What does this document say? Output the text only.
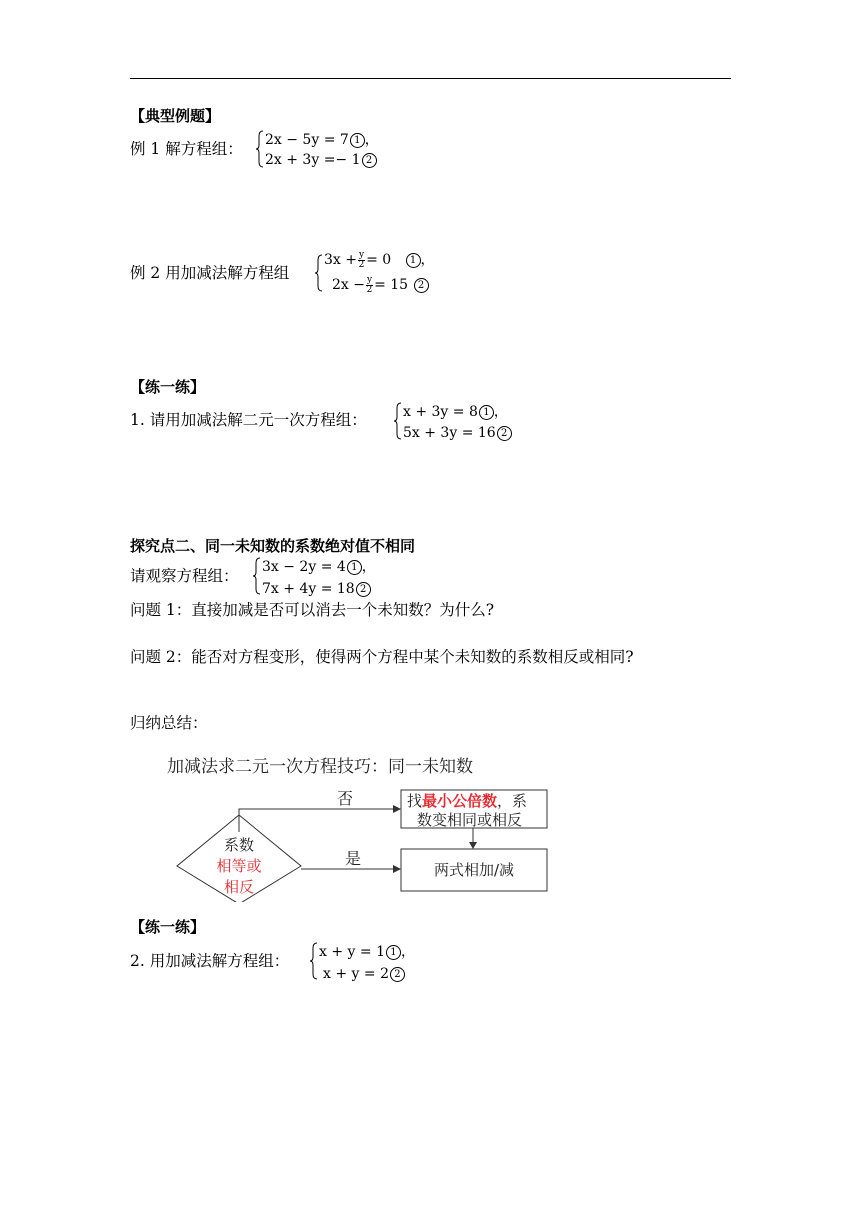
【典型例题】
例 1 解方程组： 2x − 5y = 7 1 ，
2x + 3y =− 1 2
例 2 用加减法解方程组
$3x + \frac{y}{2} = 0$ 1 ，
$2x - \frac{y}{2} = 15$ 2
【练一练】
1. 请用加减法解二元一次方程组：	x + 3y = 8 1 ，
5x + 3y = 16 2
探究点二、同一未知数的系数绝对值不相同
请观察方程组： 3x − 2y = 4 1 ，
7x + 4y = 18 2
问题 1：直接加减是否可以消去一个未知数？为什么?
问题 2：能否对方程变形，使得两个方程中某个未知数的系数相反或相同?
归纳总结：
加减法求二元一次方程技巧：同一未知数
系数
相等或
相反
否	找最小公倍数，系
数变相同或相反
是
两式相加/减
【练一练】
2. 用加减法解方程组： x + y = 1 1 ，
x + y = 2 2
